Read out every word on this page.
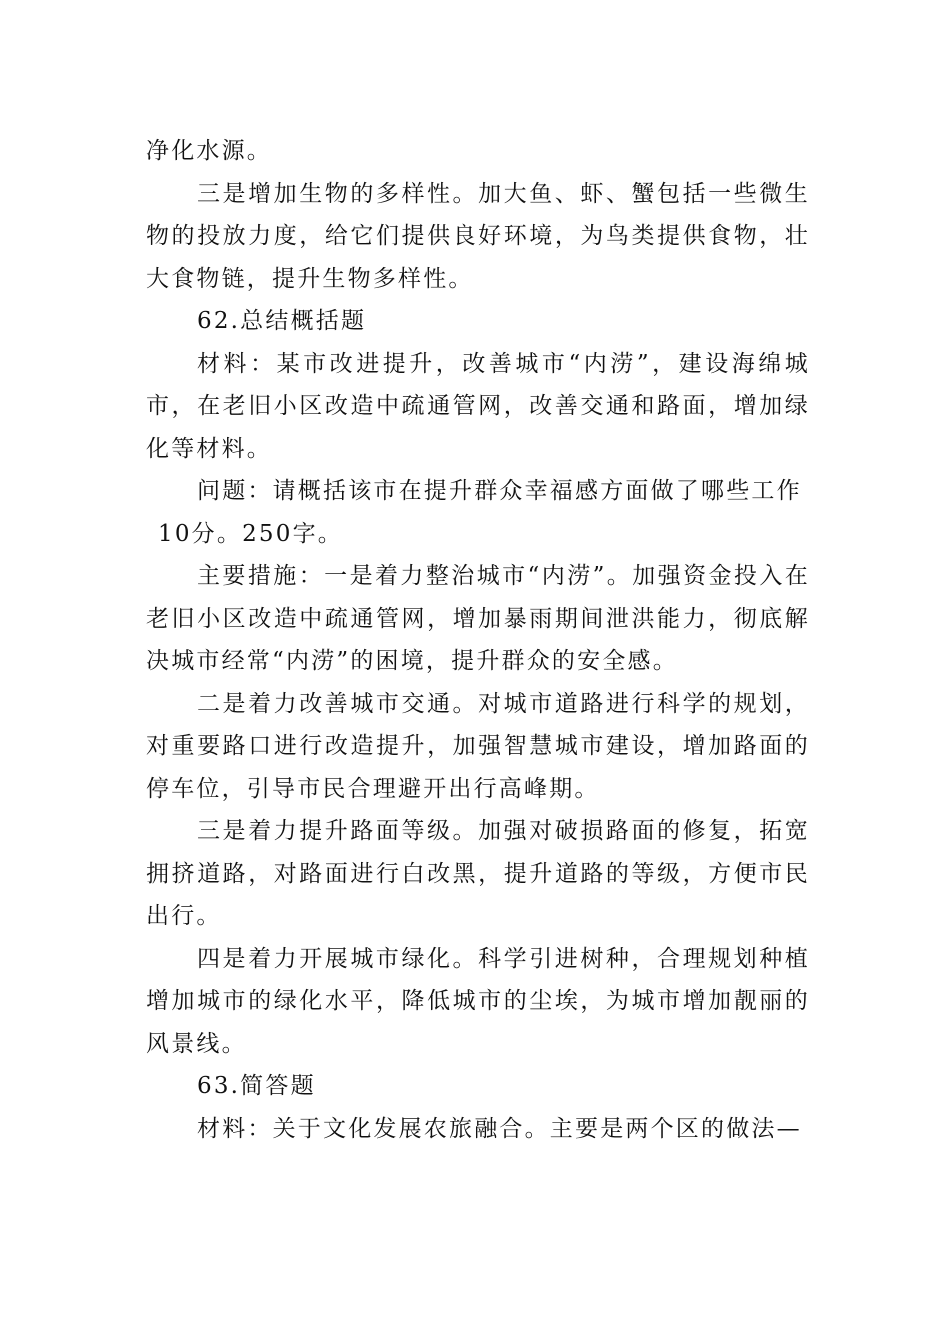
净化水源。

三是增加生物的多样性。加大鱼、虾、蟹包括一些微生物的投放力度，给它们提供良好环境，为鸟类提供食物，壮大食物链，提升生物多样性。

62.总结概括题

材料：某市改进提升，改善城市“内涝”，建设海绵城市，在老旧小区改造中疏通管网，改善交通和路面，增加绿化等材料。

问题：请概括该市在提升群众幸福感方面做了哪些工作

10分。250字。

主要措施：一是着力整治城市“内涝”。加强资金投入在老旧小区改造中疏通管网，增加暴雨期间泄洪能力，彻底解决城市经常“内涝”的困境，提升群众的安全感。

二是着力改善城市交通。对城市道路进行科学的规划，对重要路口进行改造提升，加强智慧城市建设，增加路面的停车位，引导市民合理避开出行高峰期。

三是着力提升路面等级。加强对破损路面的修复，拓宽拥挤道路，对路面进行白改黑，提升道路的等级，方便市民出行。

四是着力开展城市绿化。科学引进树种，合理规划种植增加城市的绿化水平，降低城市的尘埃，为城市增加靓丽的风景线。

63.简答题

材料：关于文化发展农旅融合。主要是两个区的做法—
